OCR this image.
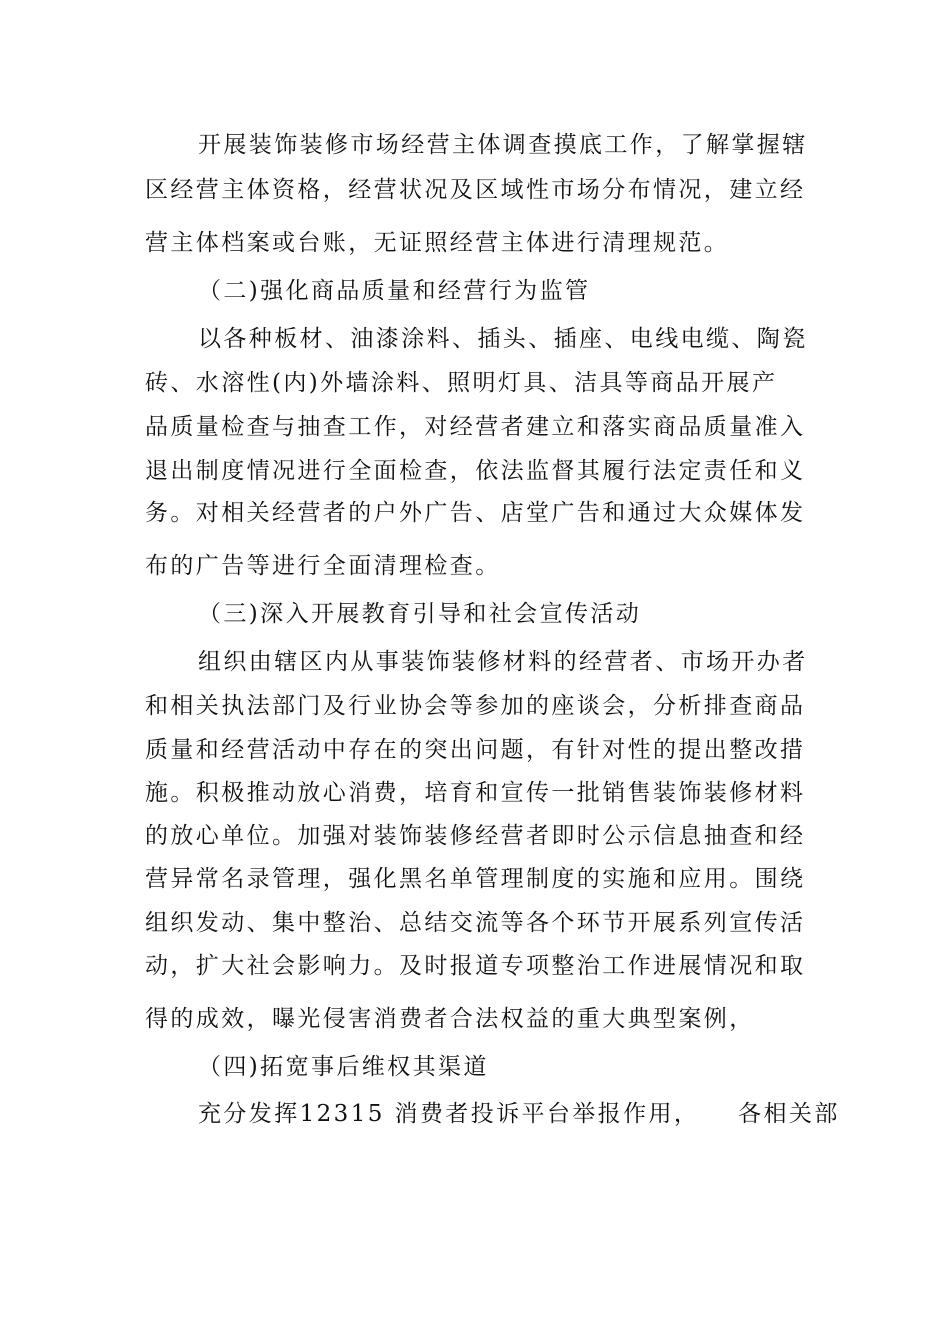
开展装饰装修市场经营主体调查摸底工作，了解掌握辖
区经营主体资格，经营状况及区域性市场分布情况，建立经
营主体档案或台账，无证照经营主体进行清理规范。
（二)强化商品质量和经营行为监管
以各种板材、油漆涂料、插头、插座、电线电缆、陶瓷
砖、水溶性(内)外墙涂料、照明灯具、洁具等商品开展产
品质量检查与抽查工作，对经营者建立和落实商品质量准入
退出制度情况进行全面检查，依法监督其履行法定责任和义
务。对相关经营者的户外广告、店堂广告和通过大众媒体发
布的广告等进行全面清理检查。
（三)深入开展教育引导和社会宣传活动
组织由辖区内从事装饰装修材料的经营者、市场开办者
和相关执法部门及行业协会等参加的座谈会，分析排查商品
质量和经营活动中存在的突出问题，有针对性的提出整改措
施。积极推动放心消费，培育和宣传一批销售装饰装修材料
的放心单位。加强对装饰装修经营者即时公示信息抽查和经
营异常名录管理，强化黑名单管理制度的实施和应用。围绕
组织发动、集中整治、总结交流等各个环节开展系列宣传活
动，扩大社会影响力。及时报道专项整治工作进展情况和取
得的成效，曝光侵害消费者合法权益的重大典型案例，
（四)拓宽事后维权其渠道
充分发挥12315 消费者投诉平台举报作用，    各相关部
